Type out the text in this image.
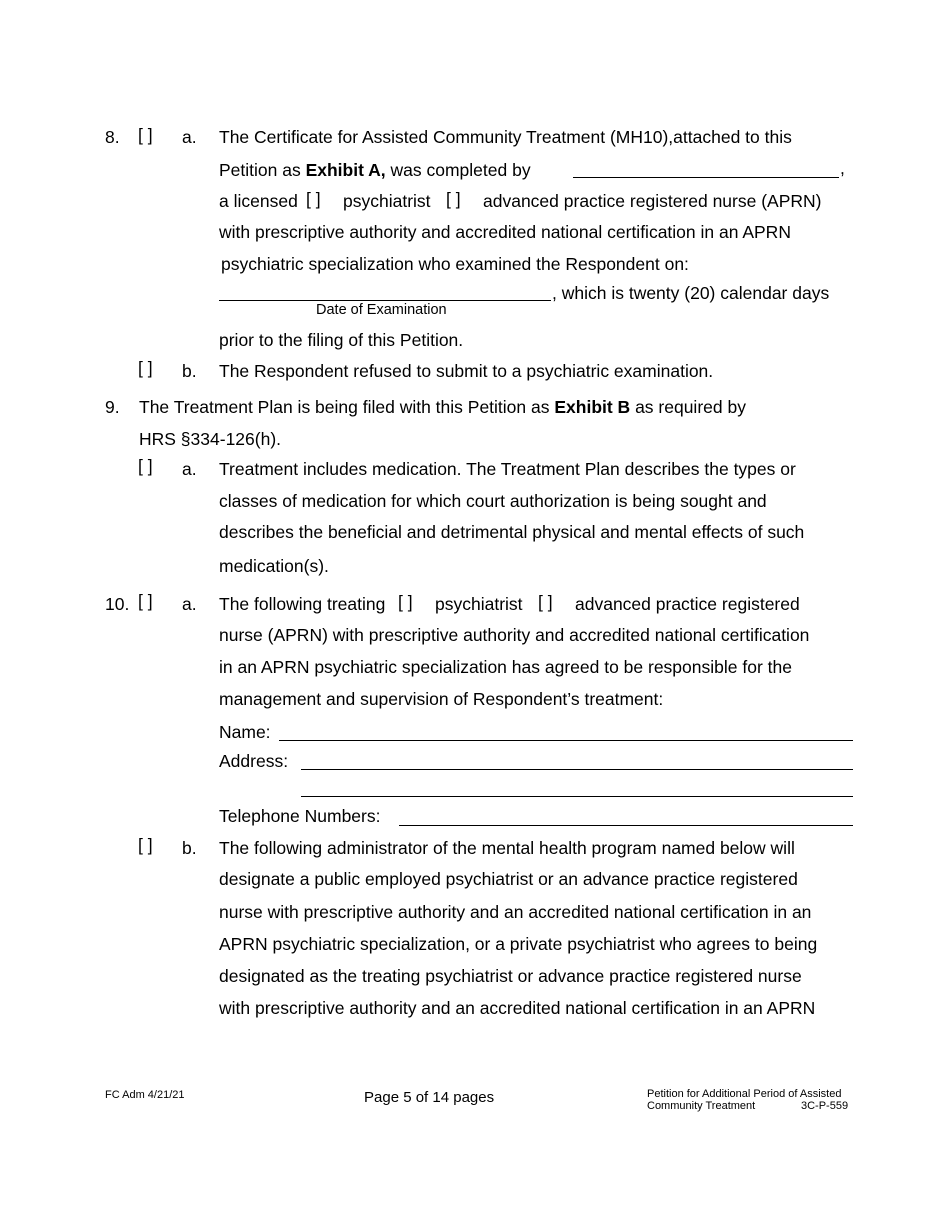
8. [ ] a. The Certificate for Assisted Community Treatment (MH10),attached to this
Petition as Exhibit A, was completed by	,
a licensed [ ] psychiatrist [ ] advanced practice registered nurse (APRN)
with prescriptive authority and accredited national certification in an APRN
psychiatric specialization who examined the Respondent on:
, which is twenty (20) calendar days
Date of Examination
prior to the filing of this Petition.
[ ] b. The Respondent refused to submit to a psychiatric examination.
9. The Treatment Plan is being filed with this Petition as Exhibit B as required by
HRS §334-126(h).
[ ] a. Treatment includes medication. The Treatment Plan describes the types or
classes of medication for which court authorization is being sought and
describes the beneficial and detrimental physical and mental effects of such
medication(s).
10. [ ] a. The following treating [ ] psychiatrist [ ] advanced practice registered
nurse (APRN) with prescriptive authority and accredited national certification
in an APRN psychiatric specialization has agreed to be responsible for the
management and supervision of Respondent’s treatment:
Name:
Address:
Telephone Numbers:
[ ] b. The following administrator of the mental health program named below will
designate a public employed psychiatrist or an advance practice registered
nurse with prescriptive authority and an accredited national certification in an
APRN psychiatric specialization, or a private psychiatrist who agrees to being
designated as the treating psychiatrist or advance practice registered nurse
with prescriptive authority and an accredited national certification in an APRN
FC Adm 4/21/21	Page 5 of 14 pages	Petition for Additional Period of Assisted
Community Treatment	3C-P-559
